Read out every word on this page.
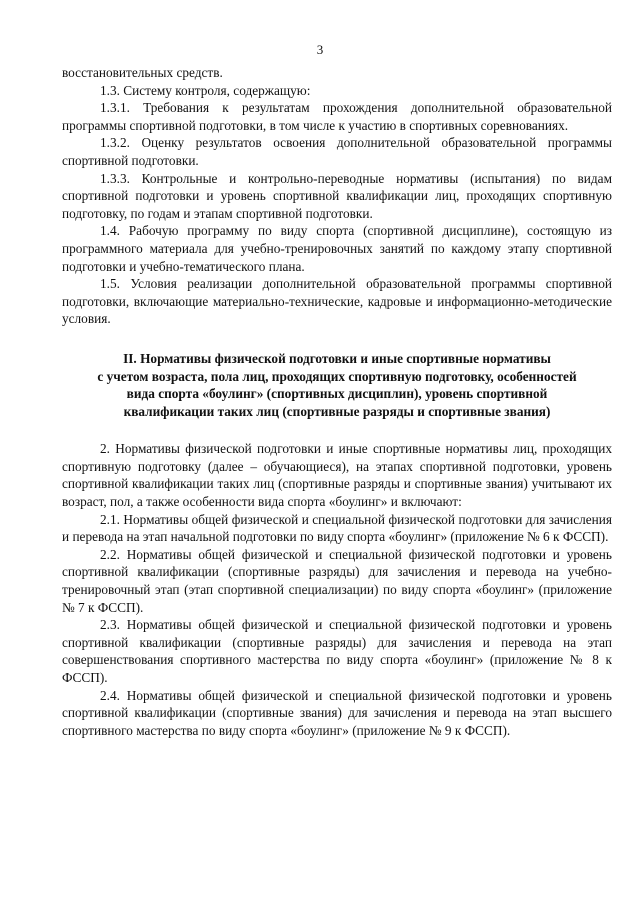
3

восстановительных средств.

1.3. Систему контроля, содержащую:

1.3.1. Требования к результатам прохождения дополнительной образовательной программы спортивной подготовки, в том числе к участию в спортивных соревнованиях.

1.3.2. Оценку результатов освоения дополнительной образовательной программы спортивной подготовки.

1.3.3. Контрольные и контрольно-переводные нормативы (испытания) по видам спортивной подготовки и уровень спортивной квалификации лиц, проходящих спортивную подготовку, по годам и этапам спортивной подготовки.

1.4. Рабочую программу по виду спорта (спортивной дисциплине), состоящую из программного материала для учебно-тренировочных занятий по каждому этапу спортивной подготовки и учебно-тематического плана.

1.5. Условия реализации дополнительной образовательной программы спортивной подготовки, включающие материально-технические, кадровые и информационно-методические условия.

II. Нормативы физической подготовки и иные спортивные нормативы
с учетом возраста, пола лиц, проходящих спортивную подготовку, особенностей
вида спорта «боулинг» (спортивных дисциплин), уровень спортивной
квалификации таких лиц (спортивные разряды и спортивные звания)

2. Нормативы физической подготовки и иные спортивные нормативы лиц, проходящих спортивную подготовку (далее – обучающиеся), на этапах спортивной подготовки, уровень спортивной квалификации таких лиц (спортивные разряды и спортивные звания) учитывают их возраст, пол, а также особенности вида спорта «боулинг» и включают:

2.1. Нормативы общей физической и специальной физической подготовки для зачисления и перевода на этап начальной подготовки по виду спорта «боулинг» (приложение № 6 к ФССП).

2.2. Нормативы общей физической и специальной физической подготовки и уровень спортивной квалификации (спортивные разряды) для зачисления и перевода на учебно-тренировочный этап (этап спортивной специализации) по виду спорта «боулинг» (приложение № 7 к ФССП).

2.3. Нормативы общей физической и специальной физической подготовки и уровень спортивной квалификации (спортивные разряды) для зачисления и перевода на этап совершенствования спортивного мастерства по виду спорта «боулинг» (приложение № 8 к ФССП).

2.4. Нормативы общей физической и специальной физической подготовки и уровень спортивной квалификации (спортивные звания) для зачисления и перевода на этап высшего спортивного мастерства по виду спорта «боулинг» (приложение № 9 к ФССП).
